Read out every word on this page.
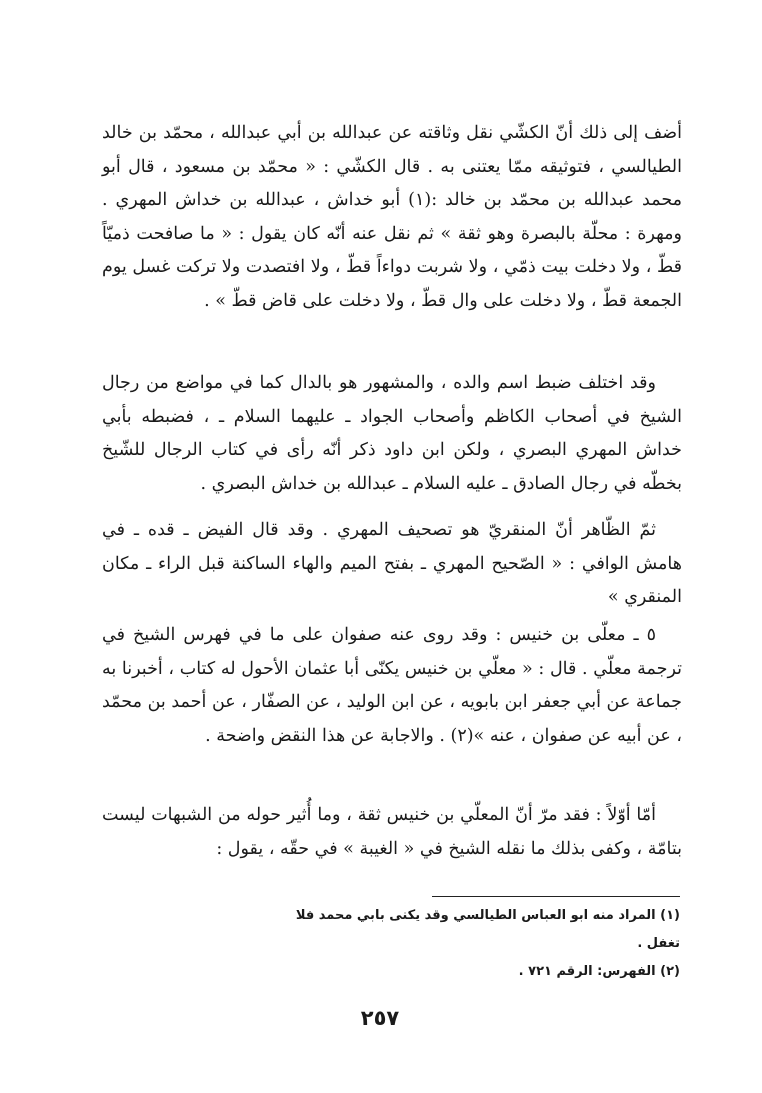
أضف إلى ذلك أنّ الكشّي نقل وثاقته عن عبدالله بن أبي عبدالله ، محمّد بن خالد الطيالسي ، فتوثيقه ممّا يعتنى به . قال الكشّي : « محمّد بن مسعود ، قال أبو محمد عبدالله بن محمّد بن خالد :(١) أبو خداش ، عبدالله بن خداش المهري . ومهرة : محلّة بالبصرة وهو ثقة » ثم نقل عنه أنّه كان يقول : « ما صافحت ذميّاً قطّ ، ولا دخلت بيت ذمّي ، ولا شربت دواءاً قطّ ، ولا افتصدت ولا تركت غسل يوم الجمعة قطّ ، ولا دخلت على وال قطّ ، ولا دخلت على قاض قطّ » .

وقد اختلف ضبط اسم والده ، والمشهور هو بالدال كما في مواضع من رجال الشيخ في أصحاب الكاظم وأصحاب الجواد ـ عليهما السلام ـ ، فضبطه بأبي خداش المهري البصري ، ولكن ابن داود ذكر أنّه رأى في كتاب الرجال للشّيخ بخطّه في رجال الصادق ـ عليه السلام ـ عبدالله بن خداش البصري .

ثمّ الظّاهر أنّ المنقريّ هو تصحيف المهري . وقد قال الفيض ـ قده ـ في هامش الوافي : « الصّحيح المهري ـ بفتح الميم والهاء الساكنة قبل الراء ـ مكان المنقري »

٥ ـ معلّى بن خنيس : وقد روى عنه صفوان على ما في فهرس الشيخ في ترجمة معلّي . قال : « معلّي بن خنيس يكنّى أبا عثمان الأحول له كتاب ، أخبرنا به جماعة عن أبي جعفر ابن بابويه ، عن ابن الوليد ، عن الصفّار ، عن أحمد بن محمّد ، عن أبيه عن صفوان ، عنه »(٢) . والاجابة عن هذا النقض واضحة .

أمّا أوّلاً : فقد مرّ أنّ المعلّي بن خنيس ثقة ، وما أُثير حوله من الشبهات ليست بتامّة ، وكفى بذلك ما نقله الشيخ في « الغيبة » في حقّه ، يقول :

(١) المراد منه ابو العباس الطيالسي وقد يكنى بابي محمد فلا تغفل .
(٢) الفهرس: الرقم ٧٢١ .
٢٥٧
